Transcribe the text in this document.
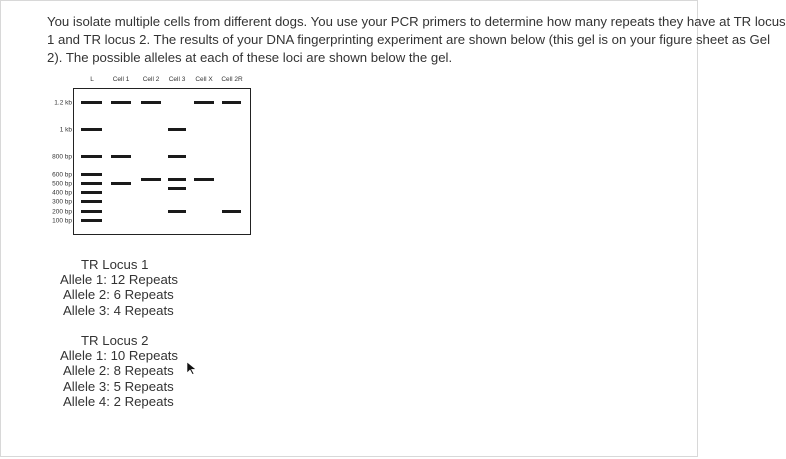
You isolate multiple cells from different dogs. You use your PCR primers to determine how many repeats they have at TR locus
1 and TR locus 2. The results of your DNA fingerprinting experiment are shown below (this gel is on your figure sheet as Gel
2). The possible alleles at each of these loci are shown below the gel.
L	Cell 1 Cell 2 Cell 3 Cell X Cell 2R
1.2 kb
1 kb
800 bp
600 bp
500 bp
400 bp
300 bp
200 bp
100 bp
TR Locus 1
Allele 1: 12 Repeats
Allele 2: 6 Repeats
Allele 3: 4 Repeats
TR Locus 2
Allele 1: 10 Repeats
Allele 2: 8 Repeats
Allele 3: 5 Repeats
Allele 4: 2 Repeats
